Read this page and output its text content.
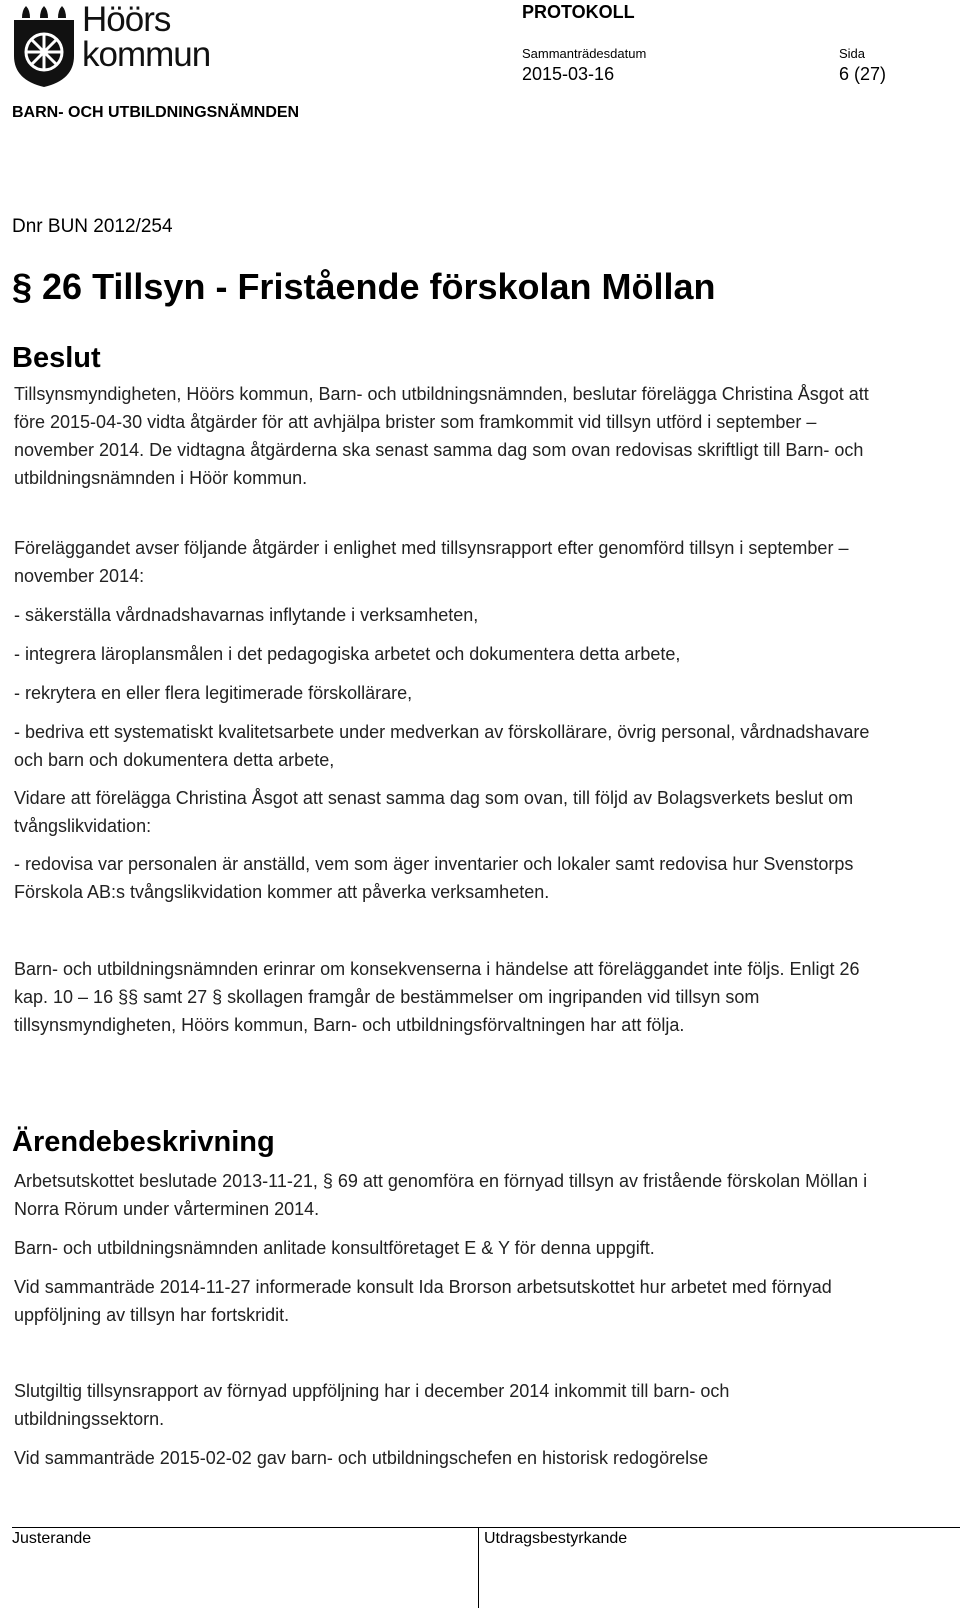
Höörs
kommun
PROTOKOLL
Sammanträdesdatum	Sida
2015-03-16	6 (27)
BARN- OCH UTBILDNINGSNÄMNDEN
Dnr BUN 2012/254
§ 26 Tillsyn - Fristående förskolan Möllan
Beslut

Tillsynsmyndigheten, Höörs kommun, Barn- och utbildningsnämnden, beslutar förelägga Christina Åsgot att före 2015-04-30 vidta åtgärder för att avhjälpa brister som framkommit vid tillsyn utförd i september – november 2014. De vidtagna åtgärderna ska senast samma dag som ovan redovisas skriftligt till Barn- och utbildningsnämnden i Höör kommun.

Föreläggandet avser följande åtgärder i enlighet med tillsynsrapport efter genomförd tillsyn i september – november 2014:

- säkerställa vårdnadshavarnas inflytande i verksamheten,

- integrera läroplansmålen i det pedagogiska arbetet och dokumentera detta arbete,

- rekrytera en eller flera legitimerade förskollärare,

- bedriva ett systematiskt kvalitetsarbete under medverkan av förskollärare, övrig personal, vårdnadshavare och barn och dokumentera detta arbete,

Vidare att förelägga Christina Åsgot att senast samma dag som ovan, till följd av Bolagsverkets beslut om tvångslikvidation:

- redovisa var personalen är anställd, vem som äger inventarier och lokaler samt redovisa hur Svenstorps Förskola AB:s tvångslikvidation kommer att påverka verksamheten.

Barn- och utbildningsnämnden erinrar om konsekvenserna i händelse att föreläggandet inte följs. Enligt 26 kap. 10 – 16 §§ samt 27 § skollagen framgår de bestämmelser om ingripanden vid tillsyn som tillsynsmyndigheten, Höörs kommun, Barn- och utbildningsförvaltningen har att följa.

Ärendebeskrivning

Arbetsutskottet beslutade 2013-11-21, § 69 att genomföra en förnyad tillsyn av fristående förskolan Möllan i Norra Rörum under vårterminen 2014.

Barn- och utbildningsnämnden anlitade konsultföretaget E & Y för denna uppgift.

Vid sammanträde 2014-11-27 informerade konsult Ida Brorson arbetsutskottet hur arbetet med förnyad uppföljning av tillsyn har fortskridit.

Slutgiltig tillsynsrapport av förnyad uppföljning har i december 2014 inkommit till barn- och utbildningssektorn.

Vid sammanträde 2015-02-02 gav barn- och utbildningschefen en historisk redogörelse

Justerande	Utdragsbestyrkande
